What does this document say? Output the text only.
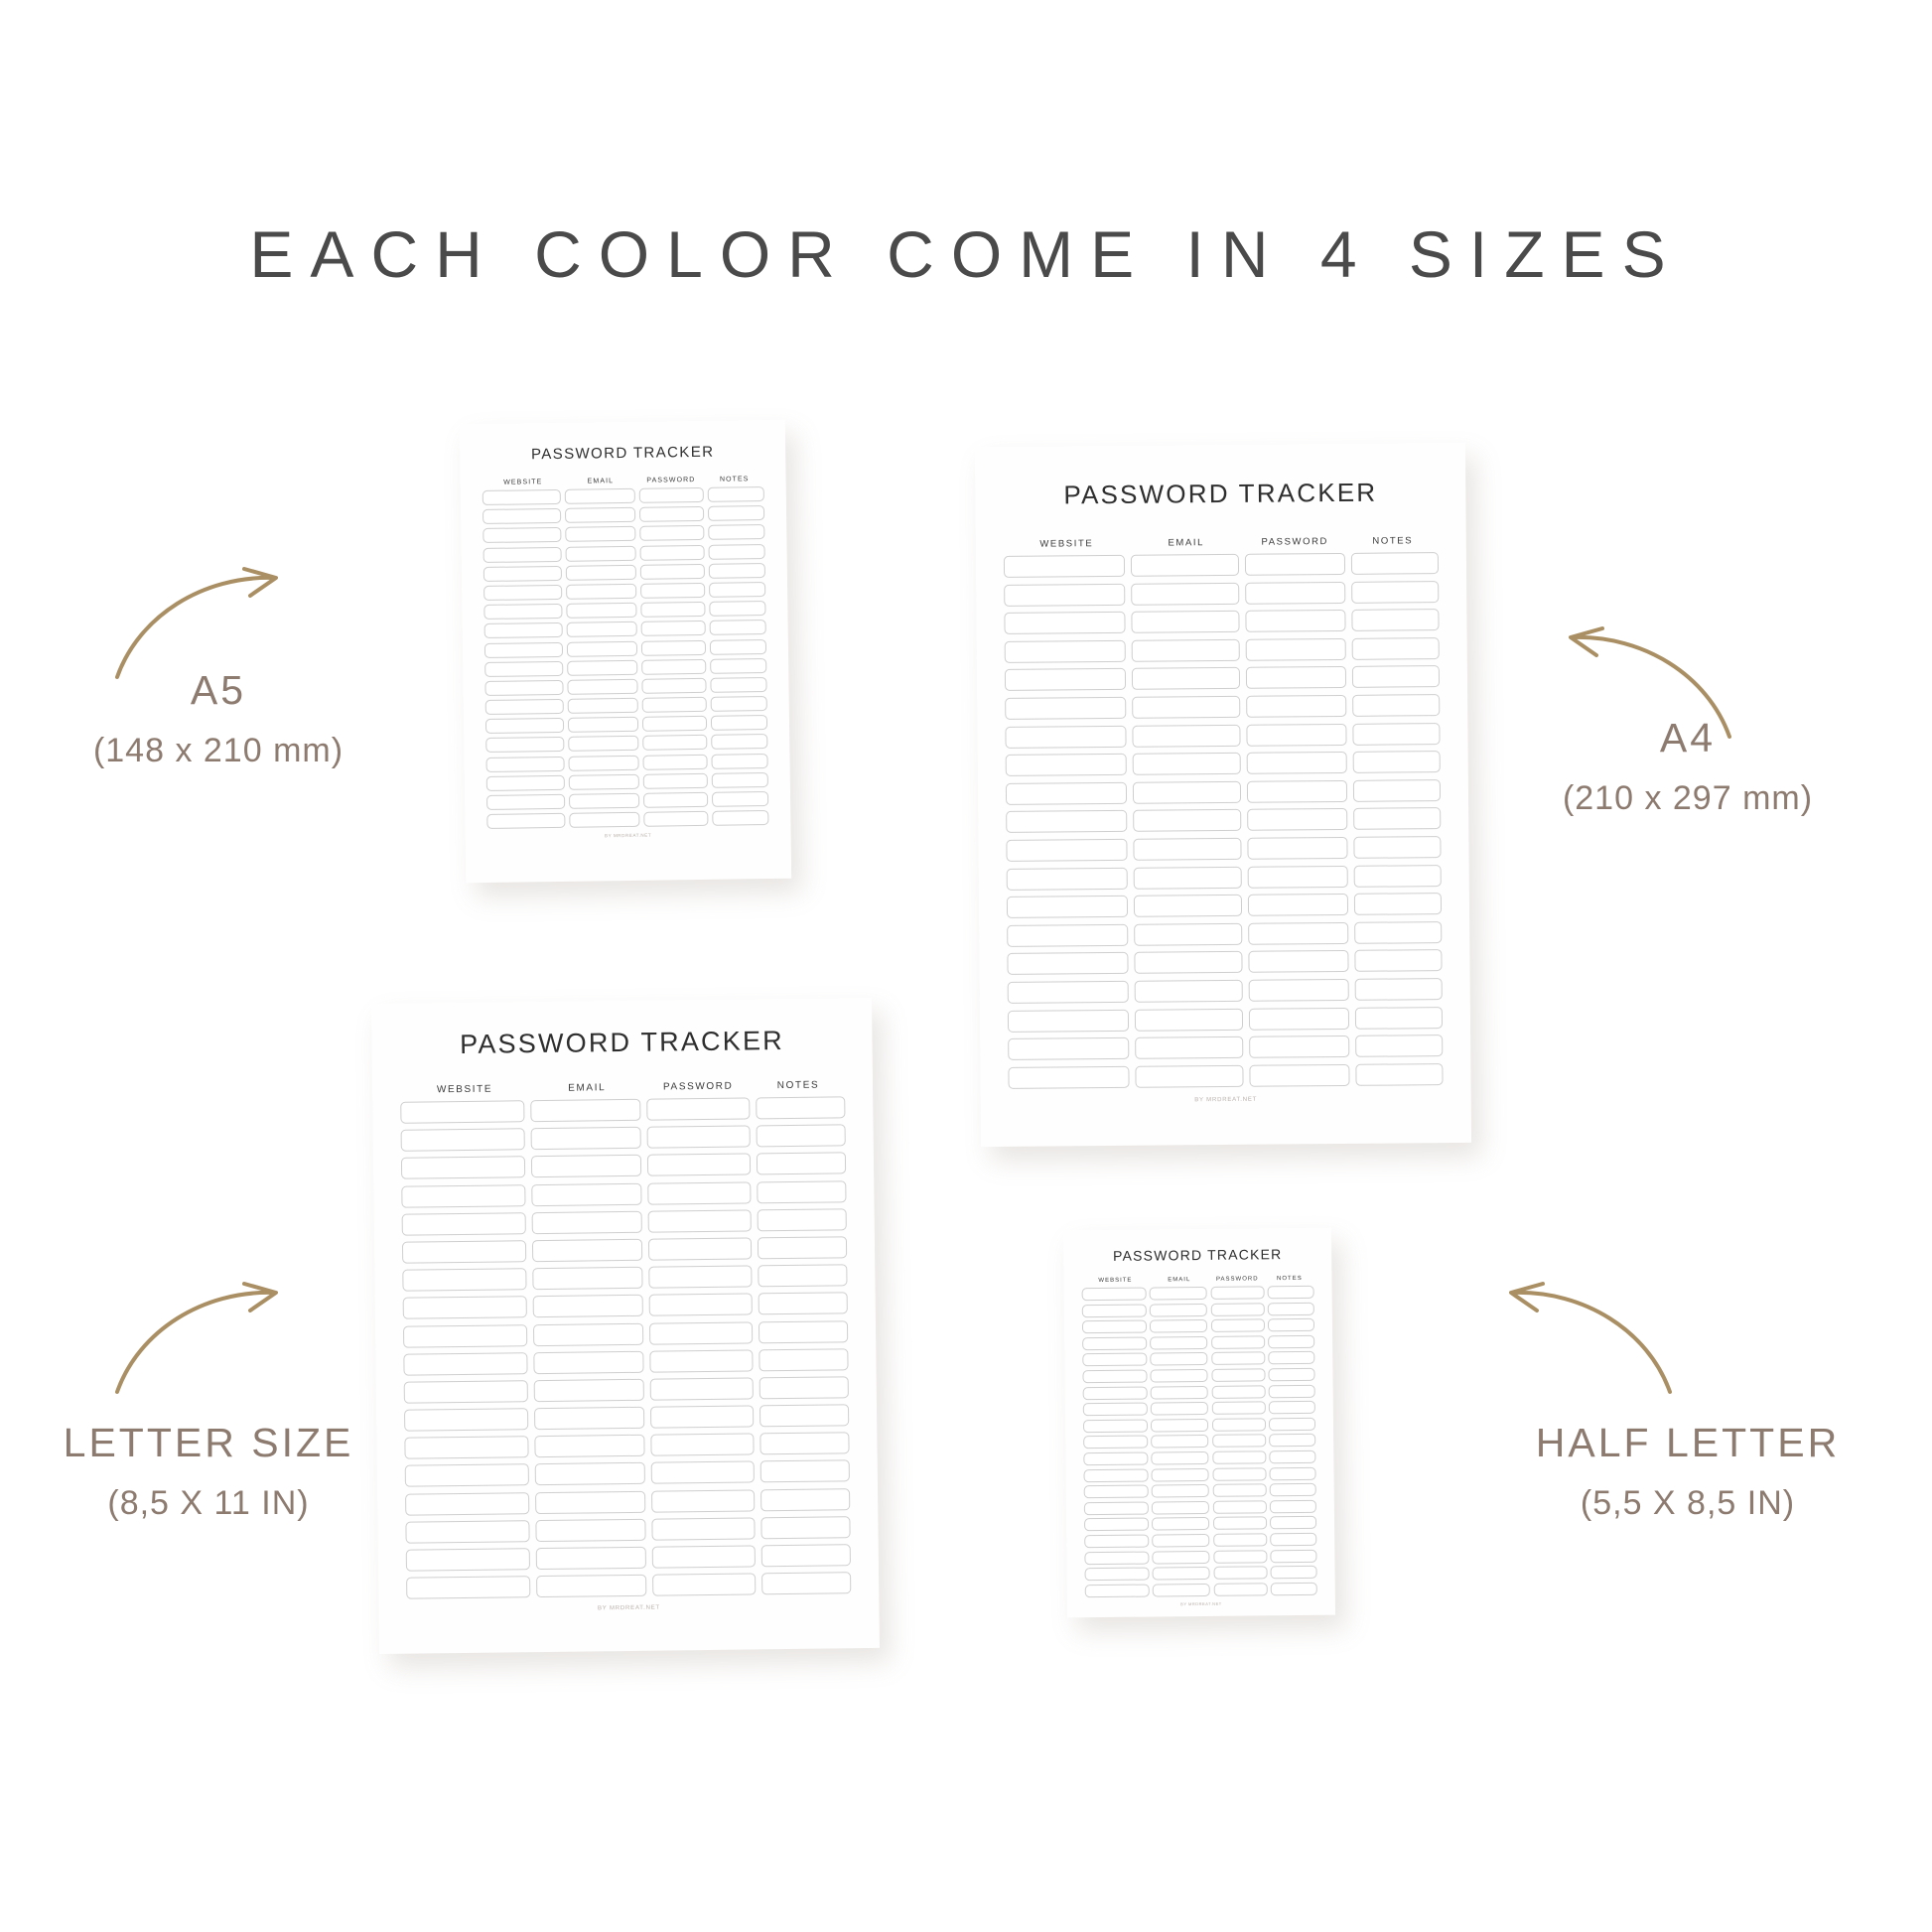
EACH COLOR COME IN 4 SIZES
PASSWORD TRACKER
WEBSITE	EMAIL	PASSWORD	NOTES
BY MRDREAT.NET
PASSWORD TRACKER
WEBSITE	EMAIL	PASSWORD	NOTES
BY MRDREAT.NET
PASSWORD TRACKER
WEBSITE	EMAIL	PASSWORD	NOTES
BY MRDREAT.NET
PASSWORD TRACKER
WEBSITE	EMAIL	PASSWORD	NOTES
BY MRDREAT.NET
A5
(148 x 210 mm)	A4
(210 x 297 mm)
LETTER SIZE
(8,5 X 11 IN)
HALF LETTER
(5,5 X 8,5 IN)
